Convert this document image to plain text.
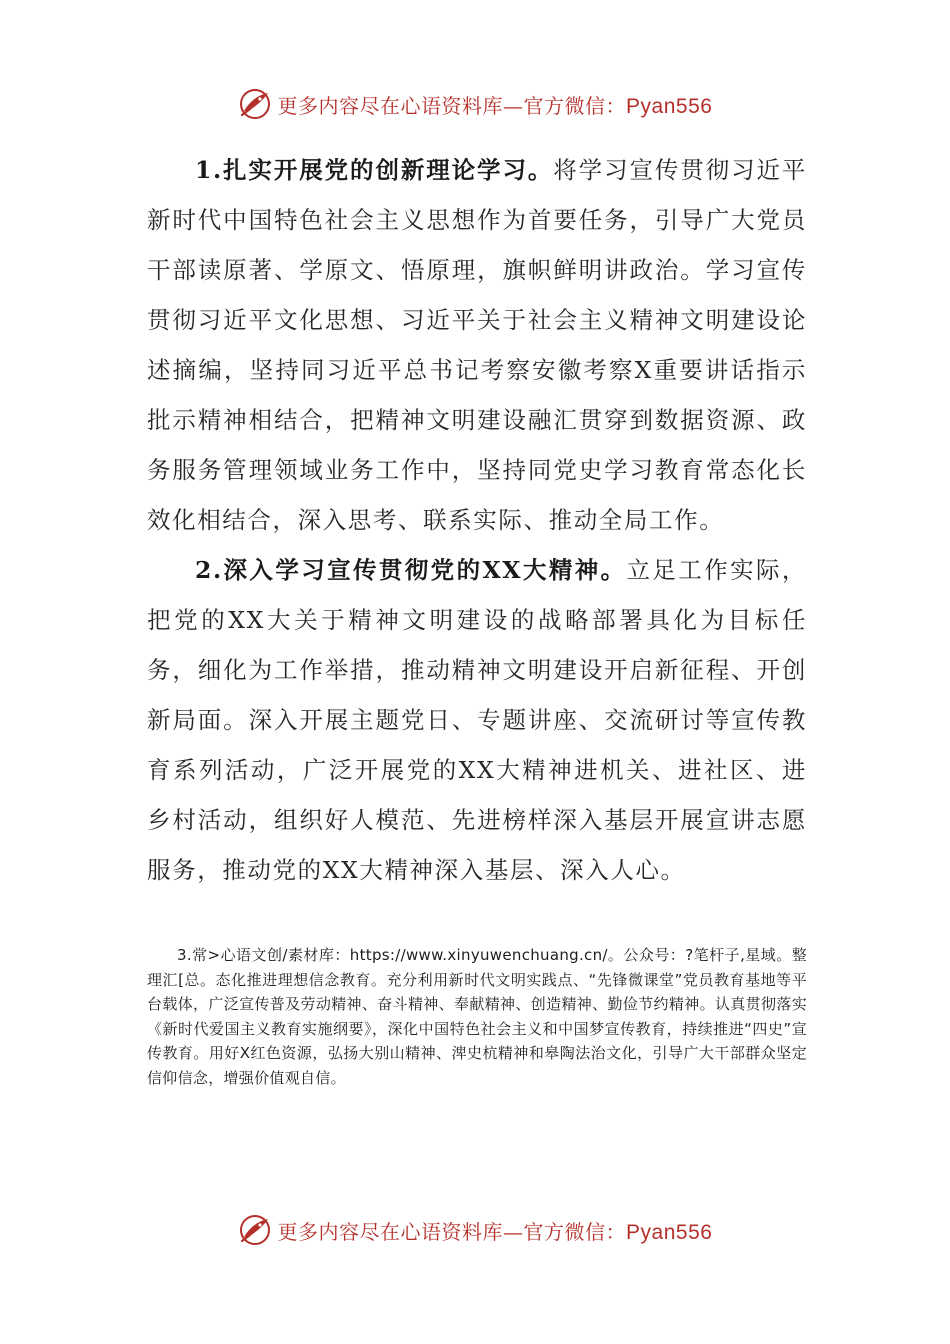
更多内容尽在心语资料库—官方微信：Pyan556

1.扎实开展党的创新理论学习。将学习宣传贯彻习近平新时代中国特色社会主义思想作为首要任务，引导广大党员干部读原著、学原文、悟原理，旗帜鲜明讲政治。学习宣传贯彻习近平文化思想、习近平关于社会主义精神文明建设论述摘编，坚持同习近平总书记考察安徽考察X重要讲话指示批示精神相结合，把精神文明建设融汇贯穿到数据资源、政务服务管理领域业务工作中，坚持同党史学习教育常态化长效化相结合，深入思考、联系实际、推动全局工作。

2.深入学习宣传贯彻党的XX大精神。立足工作实际，把党的XX大关于精神文明建设的战略部署具化为目标任务，细化为工作举措，推动精神文明建设开启新征程、开创新局面。深入开展主题党日、专题讲座、交流研讨等宣传教育系列活动，广泛开展党的XX大精神进机关、进社区、进乡村活动，组织好人模范、先进榜样深入基层开展宣讲志愿服务，推动党的XX大精神深入基层、深入人心。

3.常>心语文创/素材库：https://www.xinyuwenchuang.cn/。公众号：?笔杆子,星域。整理汇[总。态化推进理想信念教育。充分利用新时代文明实践点、“先锋微课堂”党员教育基地等平台载体，广泛宣传普及劳动精神、奋斗精神、奉献精神、创造精神、勤俭节约精神。认真贯彻落实《新时代爱国主义教育实施纲要》，深化中国特色社会主义和中国梦宣传教育，持续推进“四史”宣传教育。用好X红色资源，弘扬大别山精神、渒史杭精神和皋陶法治文化，引导广大干部群众坚定信仰信念，增强价值观自信。

更多内容尽在心语资料库—官方微信：Pyan556
